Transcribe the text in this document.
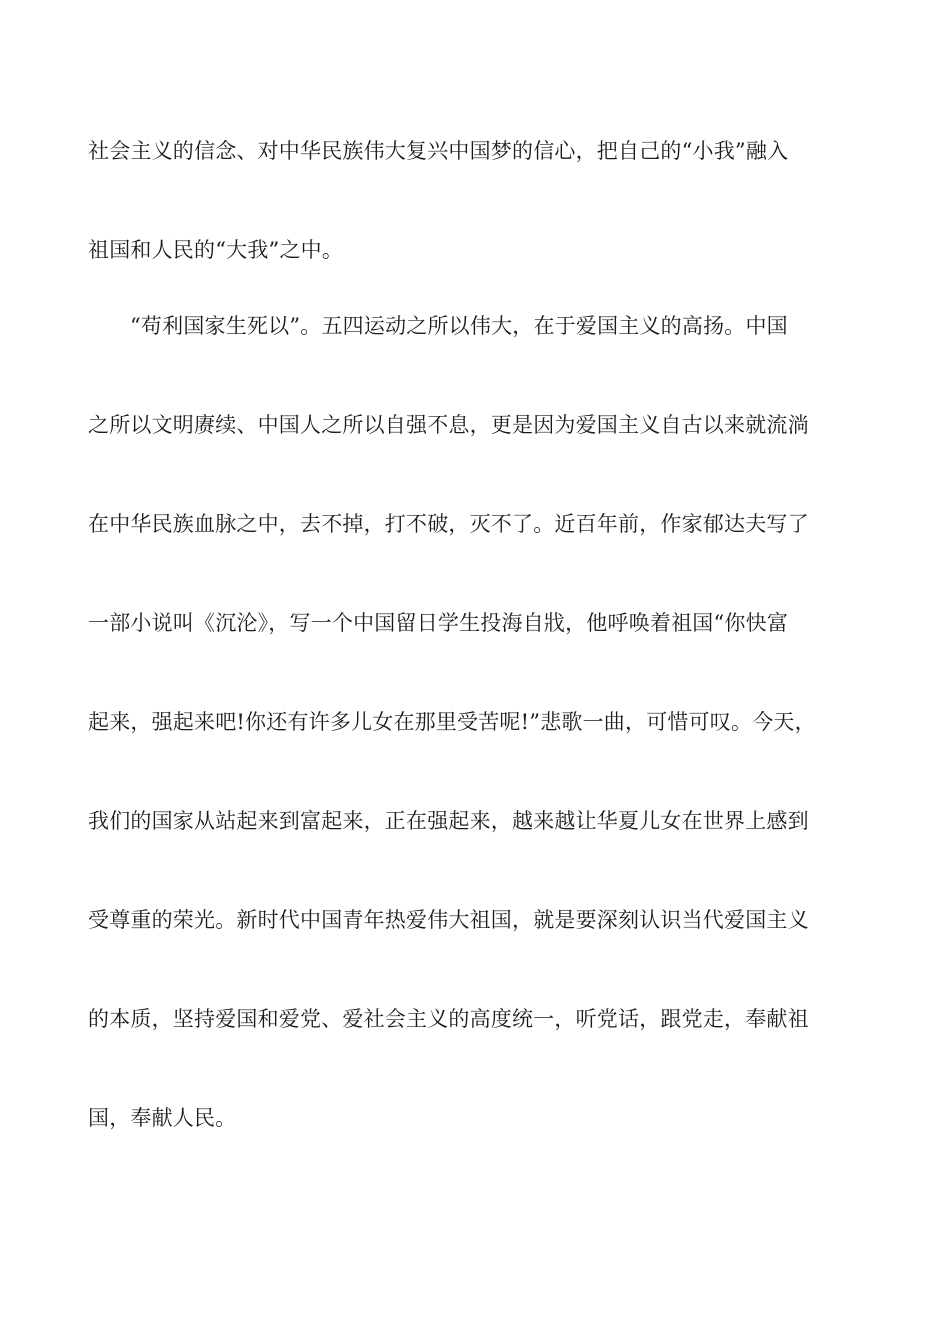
社会主义的信念、对中华民族伟大复兴中国梦的信心，把自己的“小我”融入
祖国和人民的“大我”之中。
“苟利国家生死以”。五四运动之所以伟大，在于爱国主义的高扬。中国
之所以文明赓续、中国人之所以自强不息，更是因为爱国主义自古以来就流淌
在中华民族血脉之中，去不掉，打不破，灭不了。近百年前，作家郁达夫写了
一部小说叫《沉沦》，写一个中国留日学生投海自戕，他呼唤着祖国“你快富
起来，强起来吧!你还有许多儿女在那里受苦呢!”悲歌一曲，可惜可叹。今天，
我们的国家从站起来到富起来，正在强起来，越来越让华夏儿女在世界上感到
受尊重的荣光。新时代中国青年热爱伟大祖国，就是要深刻认识当代爱国主义
的本质，坚持爱国和爱党、爱社会主义的高度统一，听党话，跟党走，奉献祖
国，奉献人民。
